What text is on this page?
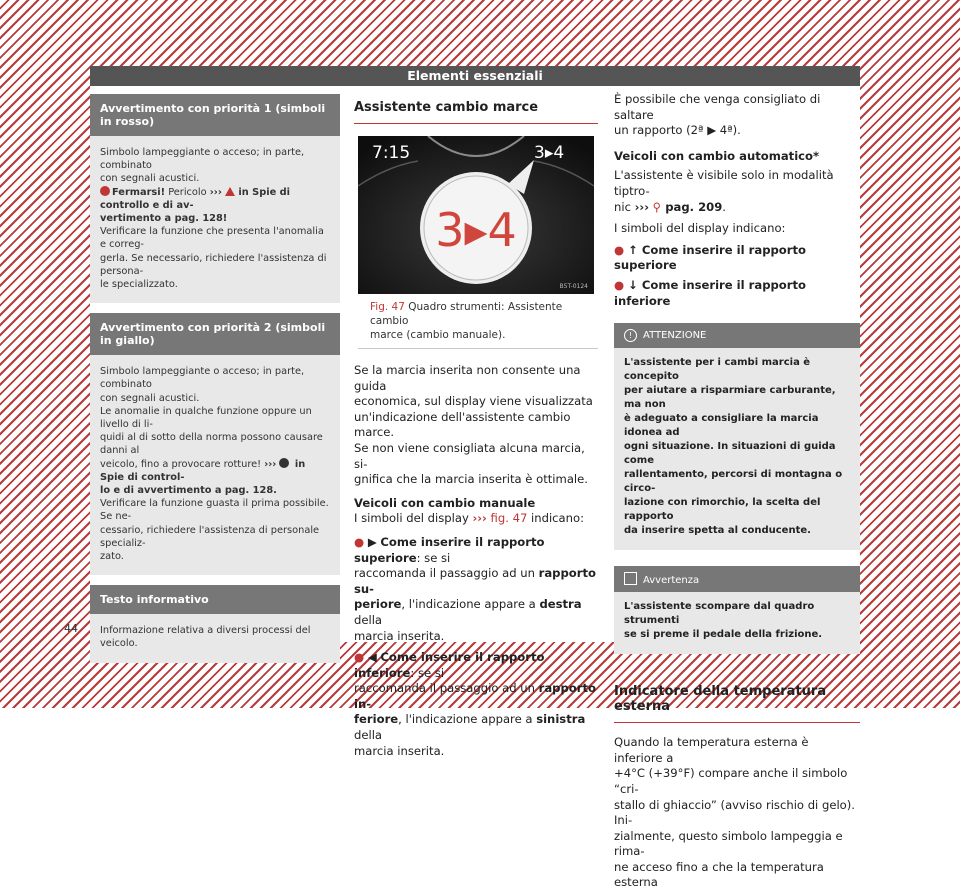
Elementi essenziali
Avvertimento con priorità 1 (simboli in rosso)
Simbolo lampeggiante o acceso; in parte, combinato
con segnali acustici.
Fermarsi! Pericolo ›››  in Spie di controllo e di av-
vertimento a pag. 128!
Verificare la funzione che presenta l'anomalia e correg-
gerla. Se necessario, richiedere l'assistenza di persona-
le specializzato.
Avvertimento con priorità 2 (simboli in giallo)
Simbolo lampeggiante o acceso; in parte, combinato
con segnali acustici.
Le anomalie in qualche funzione oppure un livello di li-
quidi al di sotto della norma possono causare danni al
veicolo, fino a provocare rotture! ›››  in Spie di control-
lo e di avvertimento a pag. 128.
Verificare la funzione guasta il prima possibile. Se ne-
cessario, richiedere l'assistenza di personale specializ-
zato.
Testo informativo
Informazione relativa a diversi processi del veicolo.
Assistente cambio marce
7:15	3▸4
3▸4
B5T-0124
Fig. 47 Quadro strumenti: Assistente cambio
marce (cambio manuale).
Se la marcia inserita non consente una guida
economica, sul display viene visualizzata
un'indicazione dell'assistente cambio marce.
Se non viene consigliata alcuna marcia, si-
gnifica che la marcia inserita è ottimale.
Veicoli con cambio manuale
I simboli del display ››› fig. 47 indicano:
● ▶ Come inserire il rapporto superiore: se si
raccomanda il passaggio ad un rapporto su-
periore, l'indicazione appare a destra della
marcia inserita.
● ◀ Come inserire il rapporto inferiore: se si
raccomanda il passaggio ad un rapporto in-
feriore, l'indicazione appare a sinistra della
marcia inserita.
È possibile che venga consigliato di saltare
un rapporto (2ª ▶ 4ª).
Veicoli con cambio automatico*
L'assistente è visibile solo in modalità tiptro-
nic ››› ⚲ pag. 209.
I simboli del display indicano:
● ↑ Come inserire il rapporto superiore
● ↓ Come inserire il rapporto inferiore
! ATTENZIONE
L'assistente per i cambi marcia è concepito
per aiutare a risparmiare carburante, ma non
è adeguato a consigliare la marcia idonea ad
ogni situazione. In situazioni di guida come
rallentamento, percorsi di montagna o circo-
lazione con rimorchio, la scelta del rapporto
da inserire spetta al conducente.
Avvertenza
L'assistente scompare dal quadro strumenti
se si preme il pedale della frizione.
Indicatore della temperatura esterna
Quando la temperatura esterna è inferiore a
+4°C (+39°F) compare anche il simbolo “cri-
stallo di ghiaccio” (avviso rischio di gelo). Ini-
zialmente, questo simbolo lampeggia e rima-
ne acceso fino a che la temperatura esterna
44
